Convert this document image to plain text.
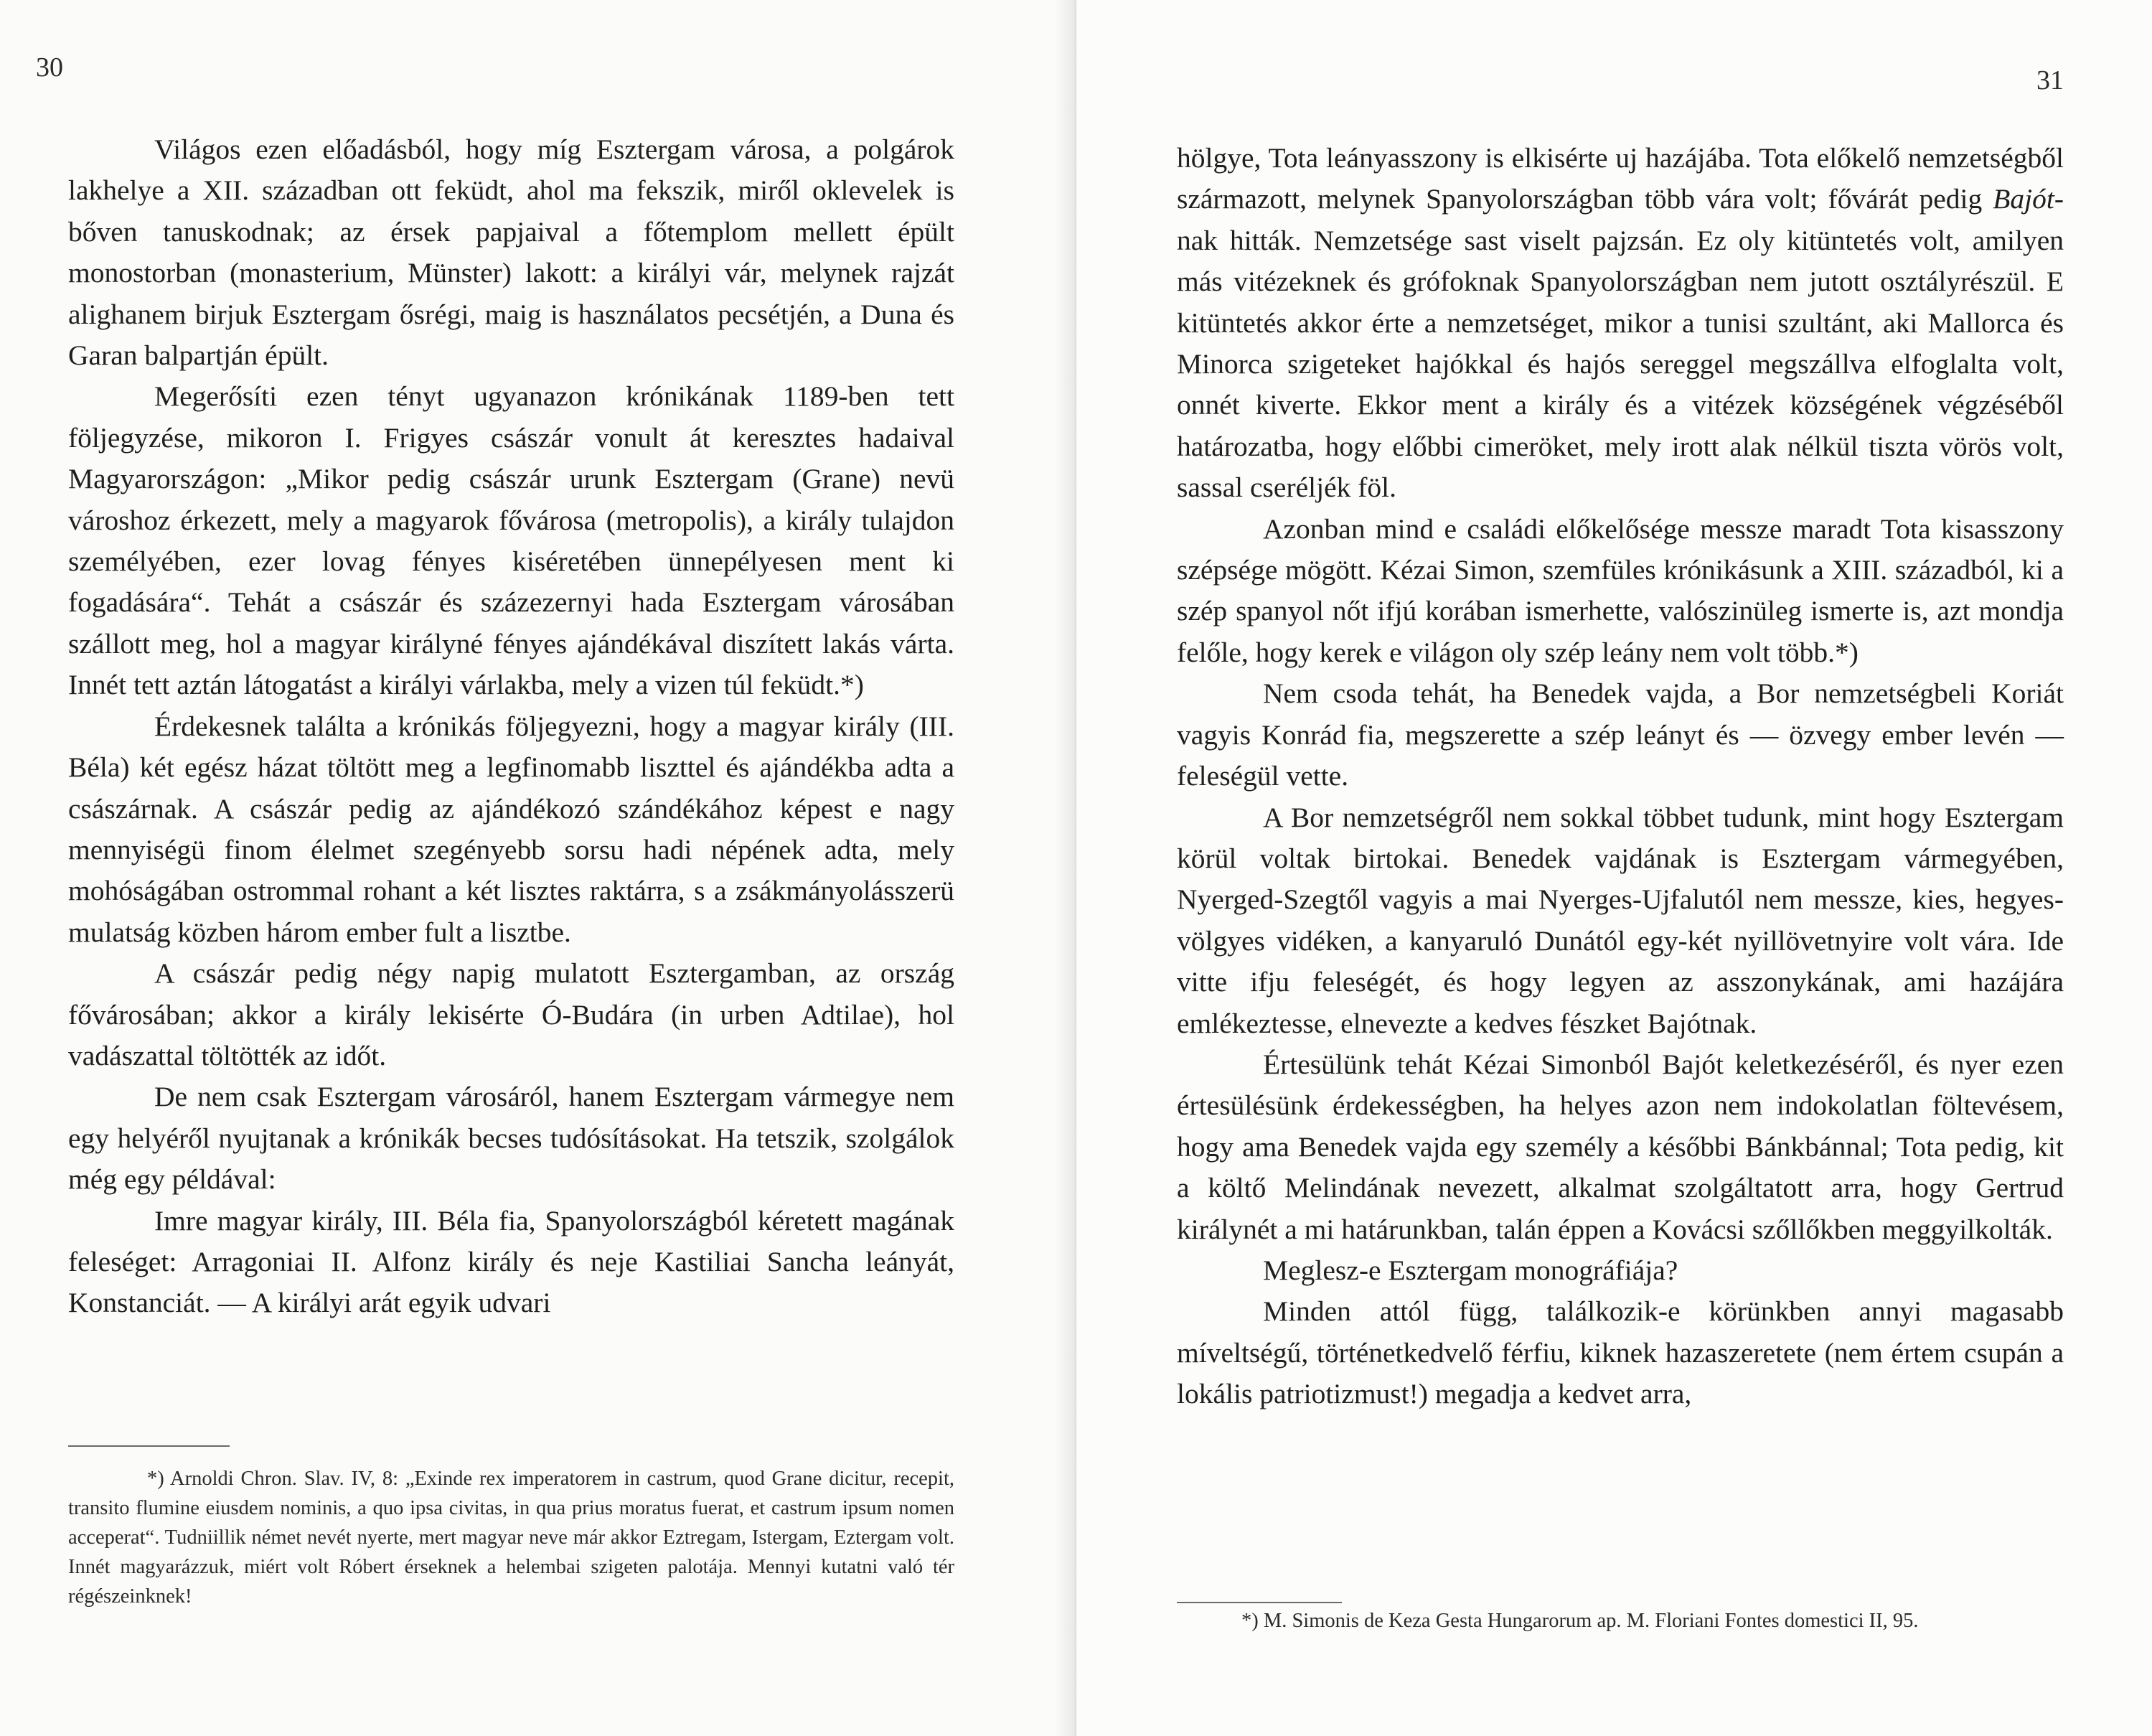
30

Világos ezen előadásból, hogy míg Esztergam városa, a polgárok lakhelye a XII. században ott feküdt, ahol ma fekszik, miről oklevelek is bőven tanuskodnak; az érsek papjaival a főtemplom mellett épült monostorban (monasterium, Münster) lakott: a királyi vár, melynek rajzát alighanem birjuk Esztergam ősrégi, maig is használatos pecsétjén, a Duna és Garan balpartján épült.

Megerősíti ezen tényt ugyanazon krónikának 1189-ben tett följegyzése, mikoron I. Frigyes császár vonult át keresztes hadaival Magyarországon: „Mikor pedig császár urunk Esztergam (Grane) nevü városhoz érkezett, mely a magyarok fővárosa (metropolis), a király tulajdon személyében, ezer lovag fényes kiséretében ünnepélyesen ment ki fogadására“. Tehát a császár és százezernyi hada Esztergam városában szállott meg, hol a magyar királyné fényes ajándékával diszített lakás várta. Innét tett aztán látogatást a királyi várlakba, mely a vizen túl feküdt.*)

Érdekesnek találta a krónikás följegyezni, hogy a magyar király (III. Béla) két egész házat töltött meg a legfinomabb liszttel és ajándékba adta a császárnak. A császár pedig az ajándékozó szándékához képest e nagy mennyiségü finom élelmet szegényebb sorsu hadi népének adta, mely mohóságában ostrommal rohant a két lisztes raktárra, s a zsákmányolásszerü mulatság közben három ember fult a lisztbe.

A császár pedig négy napig mulatott Esztergamban, az ország fővárosában; akkor a király lekisérte Ó-Budára (in urben Adtilae), hol vadászattal töltötték az időt.

De nem csak Esztergam városáról, hanem Esztergam vármegye nem egy helyéről nyujtanak a krónikák becses tudósításokat. Ha tetszik, szolgálok még egy példával:

Imre magyar király, III. Béla fia, Spanyolországból kéretett magának feleséget: Arragoniai II. Alfonz király és neje Kastiliai Sancha leányát, Konstanciát. — A királyi arát egyik udvari

*) Arnoldi Chron. Slav. IV, 8: „Exinde rex imperatorem in castrum, quod Grane dicitur, recepit, transito flumine eiusdem nominis, a quo ipsa civitas, in qua prius moratus fuerat, et castrum ipsum nomen acceperat“. Tudniillik német nevét nyerte, mert magyar neve már akkor Eztregam, Istergam, Eztergam volt. Innét magyarázzuk, miért volt Róbert érseknek a helembai szigeten palotája. Mennyi kutatni való tér régészeinknek!

31

hölgye, Tota leányasszony is elkisérte uj hazájába. Tota előkelő nemzetségből származott, melynek Spanyolországban több vára volt; fővárát pedig Bajót-nak hitták. Nemzetsége sast viselt pajzsán. Ez oly kitüntetés volt, amilyen más vitézeknek és grófoknak Spanyolországban nem jutott osztályrészül. E kitüntetés akkor érte a nemzetséget, mikor a tunisi szultánt, aki Mallorca és Minorca szigeteket hajókkal és hajós sereggel megszállva elfoglalta volt, onnét kiverte. Ekkor ment a király és a vitézek községének végzéséből határozatba, hogy előbbi cimeröket, mely irott alak nélkül tiszta vörös volt, sassal cseréljék föl.

Azonban mind e családi előkelősége messze maradt Tota kisasszony szépsége mögött. Kézai Simon, szemfüles krónikásunk a XIII. századból, ki a szép spanyol nőt ifjú korában ismerhette, valószinüleg ismerte is, azt mondja felőle, hogy kerek e világon oly szép leány nem volt több.*)

Nem csoda tehát, ha Benedek vajda, a Bor nemzetségbeli Koriát vagyis Konrád fia, megszerette a szép leányt és — özvegy ember levén — feleségül vette.

A Bor nemzetségről nem sokkal többet tudunk, mint hogy Esztergam körül voltak birtokai. Benedek vajdának is Esztergam vármegyében, Nyerged-Szegtől vagyis a mai Nyerges-Ujfalutól nem messze, kies, hegyes-völgyes vidéken, a kanyaruló Dunától egy-két nyillövetnyire volt vára. Ide vitte ifju feleségét, és hogy legyen az asszonykának, ami hazájára emlékeztesse, elnevezte a kedves fészket Bajótnak.

Értesülünk tehát Kézai Simonból Bajót keletkezéséről, és nyer ezen értesülésünk érdekességben, ha helyes azon nem indokolatlan föltevésem, hogy ama Benedek vajda egy személy a későbbi Bánkbánnal; Tota pedig, kit a költő Melindának nevezett, alkalmat szolgáltatott arra, hogy Gertrud királynét a mi határunkban, talán éppen a Kovácsi szőllőkben meggyilkolták.

Meglesz-e Esztergam monográfiája?

Minden attól függ, találkozik-e körünkben annyi magasabb míveltségű, történetkedvelő férfiu, kiknek hazaszeretete (nem értem csupán a lokális patriotizmust!) megadja a kedvet arra,

*) M. Simonis de Keza Gesta Hungarorum ap. M. Floriani Fontes domestici II, 95.
